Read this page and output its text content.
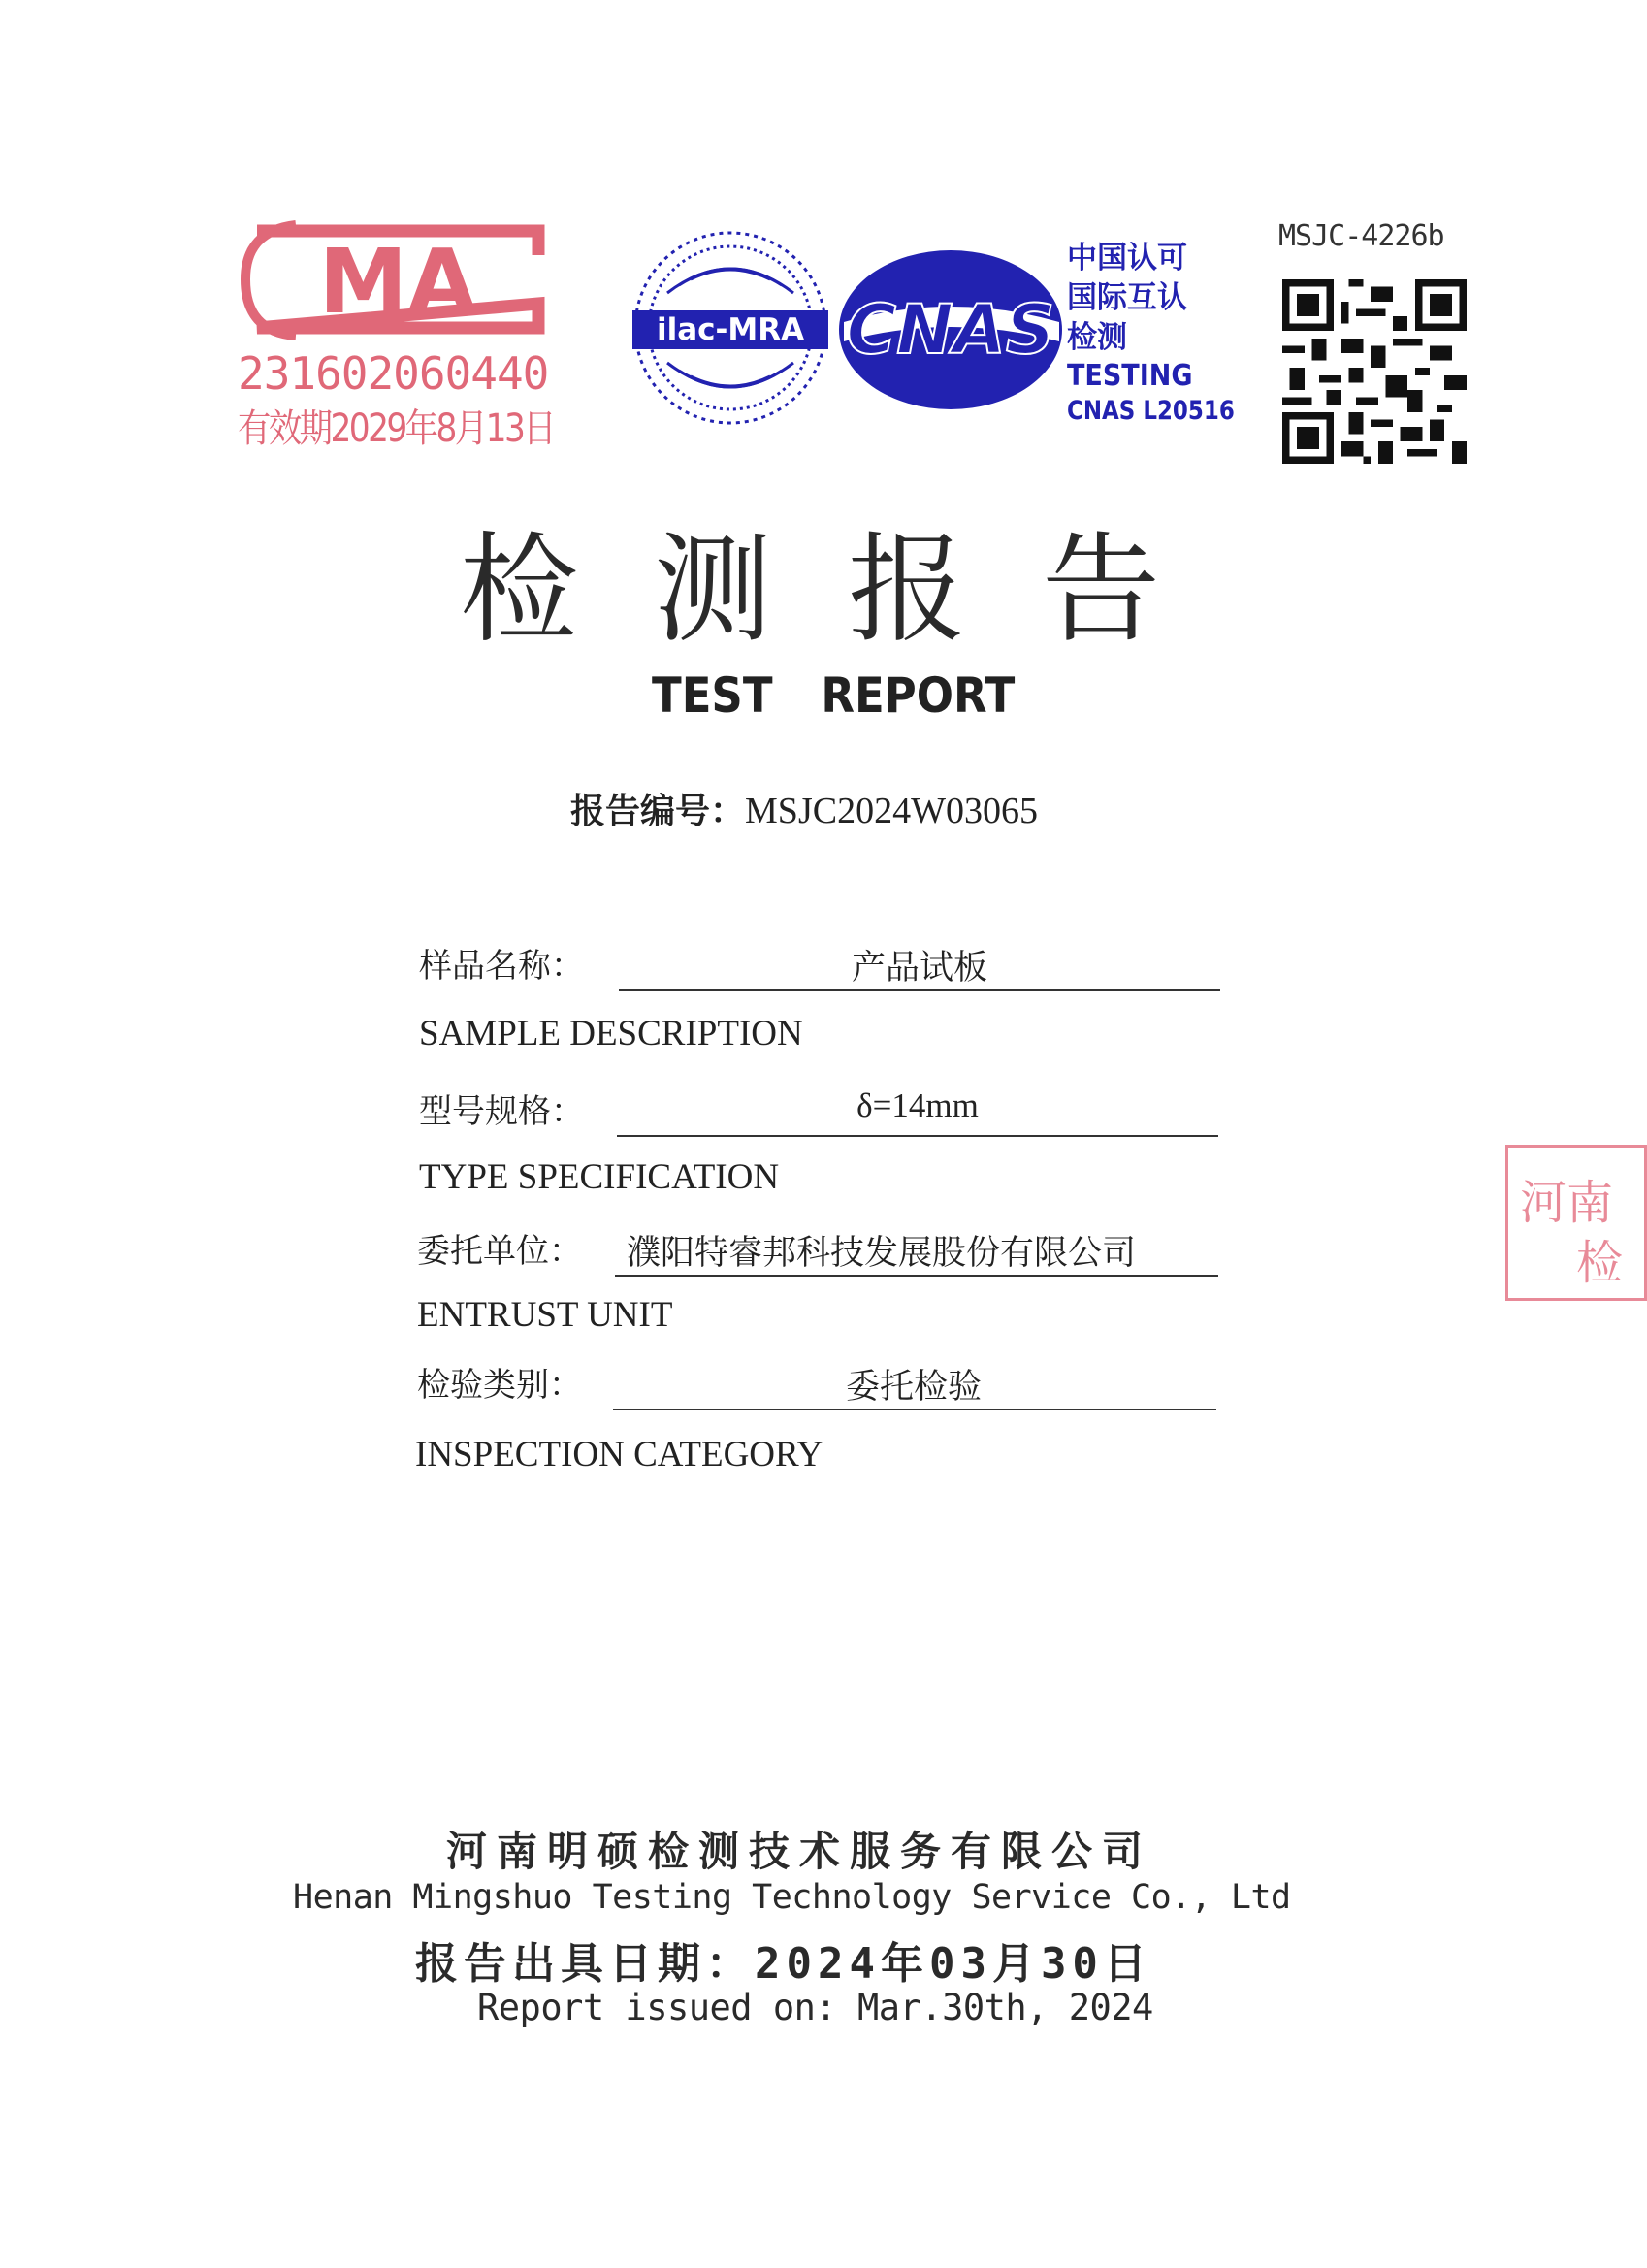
MA
231602060440
有效期2029年8月13日
ilac-MRA CNAS
中国认可
国际互认
检测
TESTING
CNAS L20516
MSJC-4226b
检测报告
TEST REPORT
报告编号：MSJC2024W03065
样品名称：	产品试板
SAMPLE DESCRIPTION
型号规格：	δ=14mm
TYPE SPECIFICATION
委托单位： 濮阳特睿邦科技发展股份有限公司
ENTRUST UNIT
检验类别：	委托检验
INSPECTION CATEGORY
河南
检
河南明硕检测技术服务有限公司
Henan Mingshuo Testing Technology Service Co., Ltd
报告出具日期：2024年03月30日
Report issued on: Mar.30th, 2024
